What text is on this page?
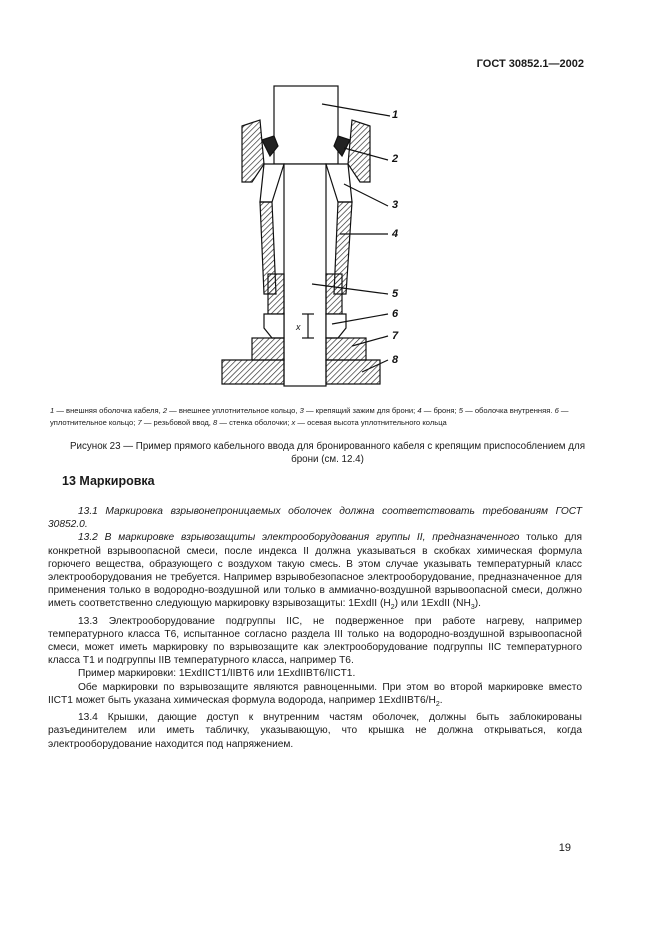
ГОСТ 30852.1—2002
1
2
3
4
5
6
7
8
x
1 — внешняя оболочка кабеля, 2 — внешнее уплотнительное кольцо, 3 — крепящий зажим для брони; 4 — броня; 5 — оболочка внутренняя. 6 — уплотнительное кольцо; 7 — резьбовой ввод, 8 — стенка оболочки; x — осевая высота уплотнительного кольца
Рисунок 23 — Пример прямого кабельного ввода для бронированного кабеля с крепящим приспособлением для брони (см. 12.4)
13 Маркировка

13.1 Маркировка взрывонепроницаемых оболочек должна соответствовать требованиям ГОСТ 30852.0.

13.2 В маркировке взрывозащиты электрооборудования группы II, предназначенного только для конкретной взрывоопасной смеси, после индекса II должна указываться в скобках химическая формула горючего вещества, образующего с воздухом такую смесь. В этом случае указывать температурный класс электрооборудования не требуется. Например взрывобезопасное электрооборудование, предназначенное для применения только в водородно-воздушной или только в аммиачно-воздушной взрывоопасной смеси, должно иметь соответственно следующую маркировку взрывозащиты: 1ExdII $(H_2)$ или 1ExdII $(NH_3)$.

13.3 Электрооборудование подгруппы IIC, не подверженное при работе нагреву, например температурного класса T6, испытанное согласно раздела III только на водородно-воздушной взрывоопасной смеси, может иметь маркировку по взрывозащите как электрооборудование подгруппы IIC температурного класса T1 и подгруппы IIB температурного класса, например T6.

Пример маркировки: 1ExdIICT1/IIBT6 или 1ExdIIBT6/IICT1.

Обе маркировки по взрывозащите являются равноценными. При этом во второй маркировке вместо IICT1 может быть указана химическая формула водорода, например $1ExdIIBT6/H_2$.

13.4 Крышки, дающие доступ к внутренним частям оболочек, должны быть заблокированы разъединителем или иметь табличку, указывающую, что крышка не должна открываться, когда электрооборудование находится под напряжением.

19
